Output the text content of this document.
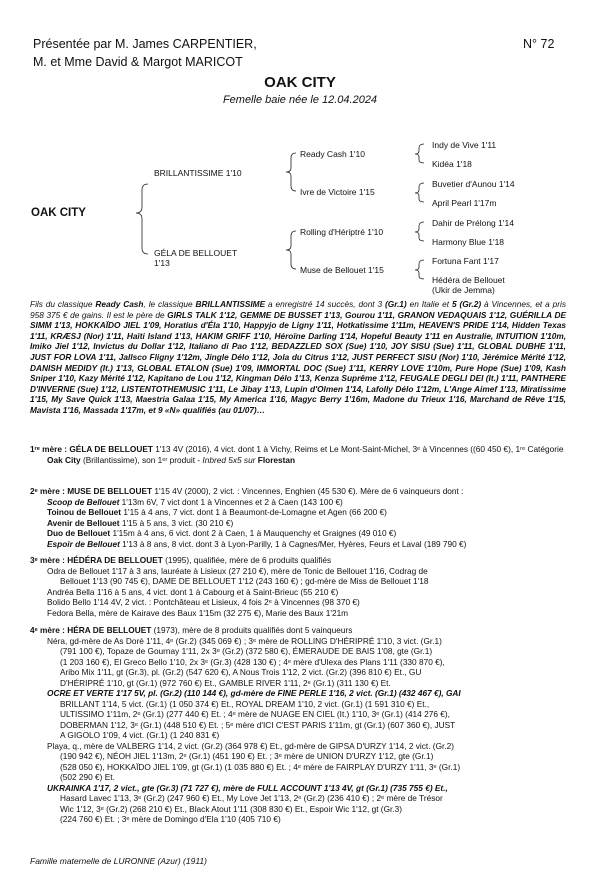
Présentée par M. James CARPENTIER,
M. et Mme David & Margot MARICOT
N° 72
OAK CITY
Femelle baie née le 12.04.2024
OAK CITY
BRILLANTISSIME 1'10
GÉLA DE BELLOUET
1'13
Ready Cash 1'10
Ivre de Victoire 1'15
Rolling d'Hériptré 1'10
Muse de Bellouet 1'15
Indy de Vive 1'11
Kidéa 1'18
Buvetier d'Aunou 1'14
April Pearl 1'17m
Dahir de Prélong 1'14
Harmony Blue 1'18
Fortuna Fant 1'17
Hédéra de Bellouet
(Ukir de Jemma)
Fils du classique Ready Cash, le classique BRILLANTISSIME a enregistré 14 succès, dont 3 (Gr.1) en Italie et 5 (Gr.2) à Vincennes, et a pris 958 375 € de gains. Il est le père de GIRLS TALK 1'12, GEMME DE BUSSET 1'13, Gourou 1'11, GRANON VEDAQUAIS 1'12, GUÉRILLA DE SIMM 1'13, HOKKAÏDO JIEL 1'09, Horatius d'Éla 1'10, Happyjo de Ligny 1'11, Hotkatissime 1'11m, HEAVEN'S PRIDE 1'14, Hidden Texas 1'11, KRÆSJ (Nor) 1'11, Haïti Island 1'13, HAKIM GRIFF 1'10, Héroïne Darling 1'14, Hopeful Beauty 1'11 en Australie, INTUITION 1'10m, Imiko Jiel 1'12, Invictus du Dollar 1'12, Italiano di Pao 1'12, BEDAZZLED SOX (Sue) 1'10, JOY SISU (Sue) 1'11, GLOBAL DUBHE 1'11, JUST FOR LOVA 1'11, Jallsco Fligny 1'12m, Jingle Délo 1'12, Jola du Citrus 1'12, JUST PERFECT SISU (Nor) 1'10, Jérémice Mérité 1'12, DANISH MEDIDY (It.) 1'13, GLOBAL ETALON (Sue) 1'09, IMMORTAL DOC (Sue) 1'11, KERRY LOVE 1'10m, Pure Hope (Sue) 1'09, Kash Sniper 1'10, Kazy Mérité 1'12, Kapitano de Lou 1'12, Kingman Délo 1'13, Kenza Suprême 1'12, FEUGALE DEGLI DEI (It.) 1'11, PANTHERE D'INVERNE (Sue) 1'12, LISTENTOTHEMUSIC 1'11, Le Jibay 1'13, Lupin d'Olmen 1'14, Lafolly Délo 1'12m, L'Ange Aimef 1'13, Miratissime 1'15, My Save Quick 1'13, Maestria Galaa 1'15, My America 1'16, Magyc Berry 1'16m, Madone du Trieux 1'16, Marchand de Rêve 1'15, Mavista 1'16, Massada 1'17m, et 9 «N» qualifiés (au 01/07)…
1ʳᵉ mère : GÉLA DE BELLOUET 1'13 4V (2016), 4 vict. dont 1 à Vichy, Reims et Le Mont-Saint-Michel, 3ᵉ à Vincennes ((60 450 €), 1ʳᵉ Catégorie
Oak City (Brillantissime), son 1ᵉʳ produit - Inbred 5x5 sur Florestan
2ᵉ mère : MUSE DE BELLOUET 1'15 4V (2000), 2 vict. : Vincennes, Enghien (45 530 €). Mère de 6 vainqueurs dont :
Scoop de Bellouet 1'13m 6V, 7 vict dont 1 à Vincennes et 2 à Caen (143 100 €)
Toinou de Bellouet 1'15 à 4 ans, 7 vict. dont 1 à Beaumont-de-Lomagne et Agen (66 200 €)
Avenir de Bellouet 1'15 à 5 ans, 3 vict. (30 210 €)
Duo de Bellouet 1'15m à 4 ans, 6 vict. dont 2 à Caen, 1 à Mauquenchy et Graignes (49 010 €)
Espoir de Bellouet 1'13 à 8 ans, 8 vict. dont 3 à Lyon-Parilly, 1 à Cagnes/Mer, Hyères, Feurs et Laval (189 790 €)
3ᵉ mère : HÉDÉRA DE BELLOUET (1995), qualifiée, mère de 6 produits qualifiés
Odra de Bellouet 1'17 à 3 ans, lauréate à Lisieux (27 210 €), mère de Tonic de Bellouet 1'16, Codrag de
Bellouet 1'13 (90 745 €), DAME DE BELLOUET 1'12 (243 160 €) ; gd-mère de Miss de Bellouet 1'18
Andréa Bella 1'16 à 5 ans, 4 vict. dont 1 à Cabourg et à Saint-Brieuc (55 210 €)
Bolido Bello 1'14 4V, 2 vict. : Pontchâteau et Lisieux, 4 fois 2ᵉ à Vincennes (98 370 €)
Fedora Bella, mère de Kairave des Baux 1'15m (32 275 €), Marie des Baux 1'21m
4ᵉ mère : HÉRA DE BELLOUET (1973), mère de 8 produits qualifiés dont 5 vainqueurs
Néra, gd-mère de As Doré 1'11, 4ᵉ (Gr.2) (345 069 €) ; 3ᵉ mère de ROLLING D'HÉRIPRÉ 1'10, 3 vict. (Gr.1)
(791 100 €), Topaze de Gournay 1'11, 2x 3ᵉ (Gr.2) (372 580 €), ÉMERAUDE DE BAIS 1'08, gte (Gr.1)
(1 203 160 €), El Greco Bello 1'10, 2x 3ᵉ (Gr.3) (428 130 €) ; 4ᵉ mère d'Ulexa des Plans 1'11 (330 870 €),
Aribo Mix 1'11, gt (Gr.3), pl. (Gr.2) (547 620 €), A Nous Trois 1'12, 2 vict. (Gr.2) (396 810 €) Et., GU
D'HÉRIPRÉ 1'10, gt (Gr.1) (972 760 €) Et., GAMBLE RIVER 1'11, 2ᵉ (Gr.1) (311 130 €) Et.
OCRE ET VERTE 1'17 5V, pl. (Gr.2) (110 144 €), gd-mère de FINE PERLE 1'16, 2 vict. (Gr.1) (432 467 €), GAI
BRILLANT 1'14, 5 vict. (Gr.1) (1 050 374 €) Et., ROYAL DREAM 1'10, 2 vict. (Gr.1) (1 591 310 €) Et.,
ULTISSIMO 1'11m, 2ᵉ (Gr.1) (277 440 €) Et. ; 4ᵉ mère de NUAGE EN CIEL (It.) 1'10, 3ᵉ (Gr.1) (414 276 €),
DOBERMAN 1'12, 3ᵉ (Gr.1) (448 510 €) Et. ; 5ᵉ mère d'ICI C'EST PARIS 1'11m, gt (Gr.1) (607 360 €), JUST
A GIGOLO 1'09, 4 vict. (Gr.1) (1 240 831 €)
Playa, q., mère de VALBERG 1'14, 2 vict. (Gr.2) (364 978 €) Et., gd-mère de GIPSA D'URZY 1'14, 2 vict. (Gr.2)
(190 942 €), NÉOH JIEL 1'13m, 2ᵉ (Gr.1) (451 190 €) Et. ; 3ᵉ mère de UNION D'URZY 1'12, gte (Gr.1)
(528 050 €), HOKKAÏDO JIEL 1'09, gt (Gr.1) (1 035 880 €) Et. ; 4ᵉ mère de FAIRPLAY D'URZY 1'11, 3ᵉ (Gr.1)
(502 290 €) Et.
UKRAINKA 1'17, 2 vict., gte (Gr.3) (71 727 €), mère de FULL ACCOUNT 1'13 4V, gt (Gr.1) (735 755 €) Et.,
Hasard Lavec 1'13, 3ᵉ (Gr.2) (247 960 €) Et., My Love Jet 1'13, 2ᵉ (Gr.2) (236 410 €) ; 2ᵉ mère de Trésor
Wic 1'12, 3ᵉ (Gr.2) (268 210 €) Et., Black Atout 1'11 (308 830 €) Et., Espoir Wic 1'12, gt (Gr.3)
(224 760 €) Et. ; 3ᵉ mère de Domingo d'Ela 1'10 (405 710 €)
Famille maternelle de LURONNE (Azur) (1911)
